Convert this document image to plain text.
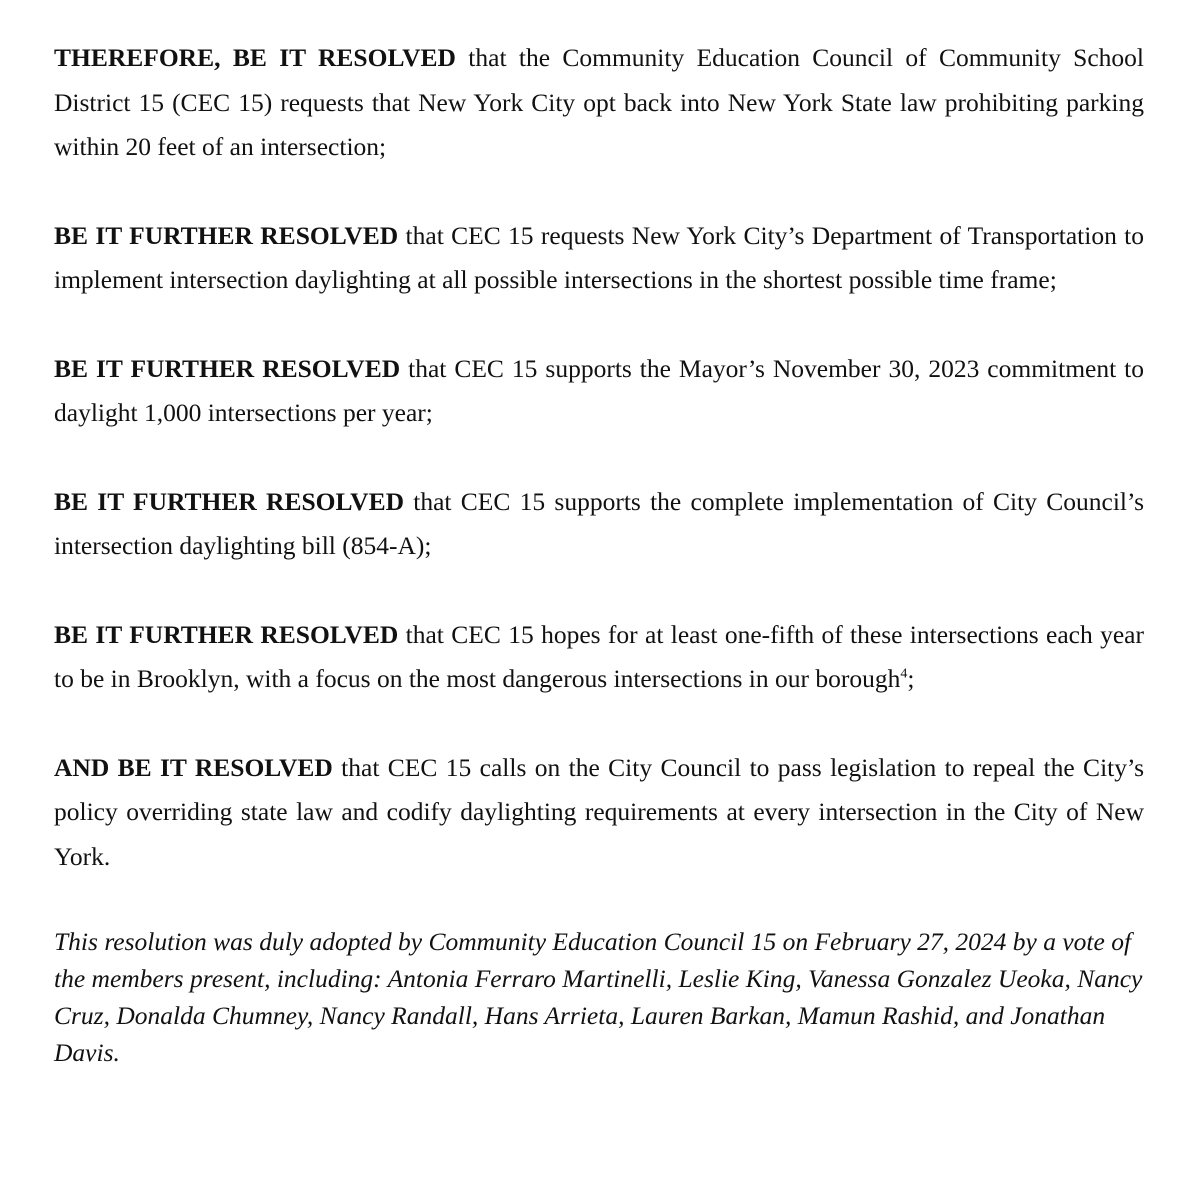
THEREFORE, BE IT RESOLVED that the Community Education Council of Community School District 15 (CEC 15) requests that New York City opt back into New York State law prohibiting parking within 20 feet of an intersection;

BE IT FURTHER RESOLVED that CEC 15 requests New York City’s Department of Transportation to implement intersection daylighting at all possible intersections in the shortest possible time frame;

BE IT FURTHER RESOLVED that CEC 15 supports the Mayor’s November 30, 2023 commitment to daylight 1,000 intersections per year;

BE IT FURTHER RESOLVED that CEC 15 supports the complete implementation of City Council’s intersection daylighting bill (854-A);

BE IT FURTHER RESOLVED that CEC 15 hopes for at least one-fifth of these intersections each year to be in Brooklyn, with a focus on the most dangerous intersections in our borough$^4$;

AND BE IT RESOLVED that CEC 15 calls on the City Council to pass legislation to repeal the City’s policy overriding state law and codify daylighting requirements at every intersection in the City of New York.

This resolution was duly adopted by Community Education Council 15 on February 27, 2024 by a vote of the members present, including: Antonia Ferraro Martinelli, Leslie King, Vanessa Gonzalez Ueoka, Nancy Cruz, Donalda Chumney, Nancy Randall, Hans Arrieta, Lauren Barkan, Mamun Rashid, and Jonathan Davis.
